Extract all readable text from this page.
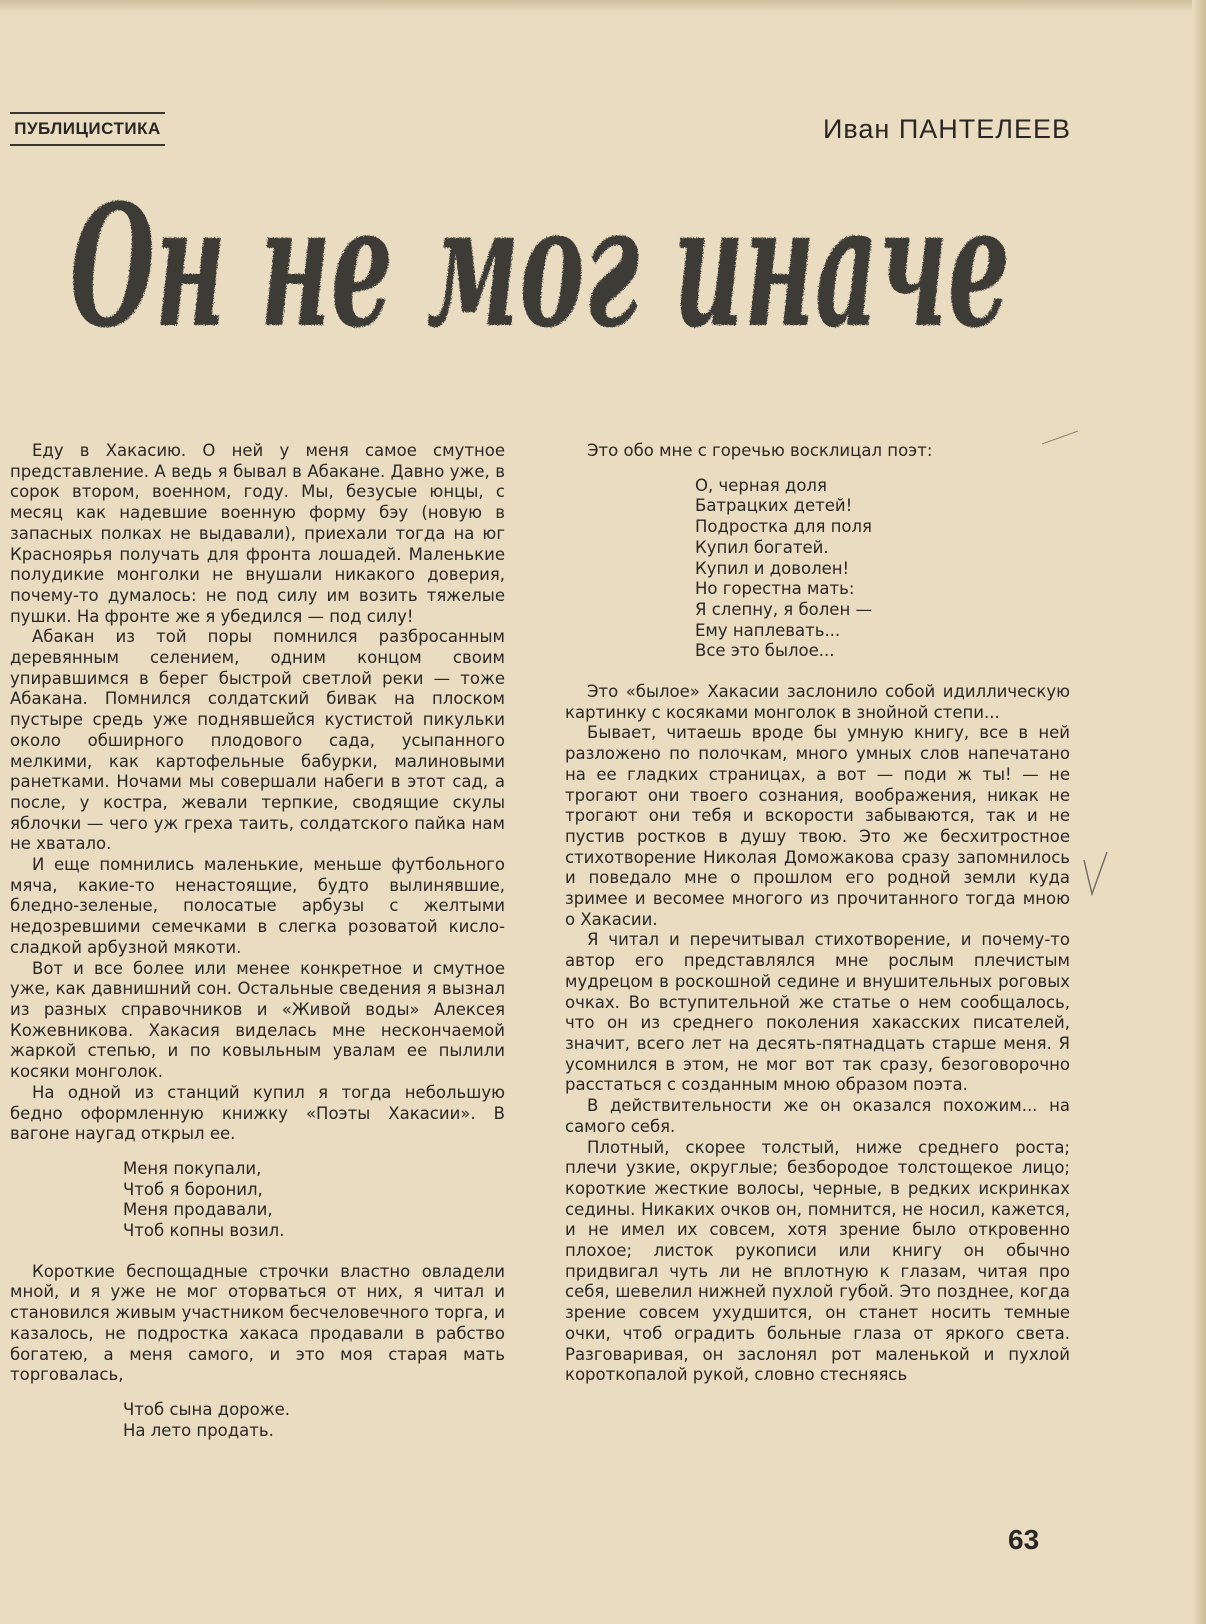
ПУБЛИЦИСТИКА	Иван ПАНТЕЛЕЕВ
Он не мог иначе

Еду в Хакасию. О ней у меня самое смутное представление. А ведь я бывал в Абакане. Давно уже, в сорок втором, военном, году. Мы, безусые юнцы, с месяц как надевшие военную форму бэу (новую в запасных полках не выдавали), приехали тогда на юг Красноярья получать для фронта лошадей. Маленькие полудикие монголки не внушали никакого доверия, почему-то думалось: не под силу им возить тяжелые пушки. На фронте же я убедился — под силу!

Абакан из той поры помнился разбросанным деревянным селением, одним концом своим упиравшимся в берег быстрой светлой реки — тоже Абакана. Помнился солдатский бивак на плоском пустыре средь уже поднявшейся кустистой пикульки около обширного плодового сада, усыпанного мелкими, как картофельные бабурки, малиновыми ранетками. Ночами мы совершали набеги в этот сад, а после, у костра, жевали терпкие, сводящие скулы яблочки — чего уж греха таить, солдатского пайка нам не хватало.

И еще помнились маленькие, меньше футбольного мяча, какие-то ненастоящие, будто вылинявшие, бледно-зеленые, полосатые арбузы с желтыми недозревшими семечками в слегка розоватой кисло-сладкой арбузной мякоти.

Вот и все более или менее конкретное и смутное уже, как давнишний сон. Остальные сведения я вызнал из разных справочников и «Живой воды» Алексея Кожевникова. Хакасия виделась мне нескончаемой жаркой степью, и по ковыльным увалам ее пылили косяки монголок.

На одной из станций купил я тогда небольшую бедно оформленную книжку «Поэты Хакасии». В вагоне наугад открыл ее.

Меня покупали,
Чтоб я боронил,
Меня продавали,
Чтоб копны возил.

Короткие беспощадные строчки властно овладели мной, и я уже не мог оторваться от них, я читал и становился живым участником бесчеловечного торга, и казалось, не подростка хакаса продавали в рабство богатею, а меня самого, и это моя старая мать торговалась,

Чтоб сына дороже.
На лето продать.

Это обо мне с горечью восклицал поэт:

О, черная доля
Батрацких детей!
Подростка для поля
Купил богатей.
Купил и доволен!
Но горестна мать:
Я слепну, я болен —
Ему наплевать...
Все это былое...

Это «былое» Хакасии заслонило собой идиллическую картинку с косяками монголок в знойной степи...

Бывает, читаешь вроде бы умную книгу, все в ней разложено по полочкам, много умных слов напечатано на ее гладких страницах, а вот — поди ж ты! — не трогают они твоего сознания, воображения, никак не трогают они тебя и вскорости забываются, так и не пустив ростков в душу твою. Это же бесхитростное стихотворение Николая Доможакова сразу запомнилось и поведало мне о прошлом его родной земли куда зримее и весомее многого из прочитанного тогда мною о Хакасии.

Я читал и перечитывал стихотворение, и почему-то автор его представлялся мне рослым плечистым мудрецом в роскошной седине и внушительных роговых очках. Во вступительной же статье о нем сообщалось, что он из среднего поколения хакасских писателей, значит, всего лет на десять-пятнадцать старше меня. Я усомнился в этом, не мог вот так сразу, безоговорочно расстаться с созданным мною образом поэта.

В действительности же он оказался похожим... на самого себя.

Плотный, скорее толстый, ниже среднего роста; плечи узкие, округлые; безбородое толстощекое лицо; короткие жесткие волосы, черные, в редких искринках седины. Никаких очков он, помнится, не носил, кажется, и не имел их совсем, хотя зрение было откровенно плохое; листок рукописи или книгу он обычно придвигал чуть ли не вплотную к глазам, читая про себя, шевелил нижней пухлой губой. Это позднее, когда зрение совсем ухудшится, он станет носить темные очки, чтоб оградить больные глаза от яркого света. Разговаривая, он заслонял рот маленькой и пухлой короткопалой рукой, словно стесняясь

63
